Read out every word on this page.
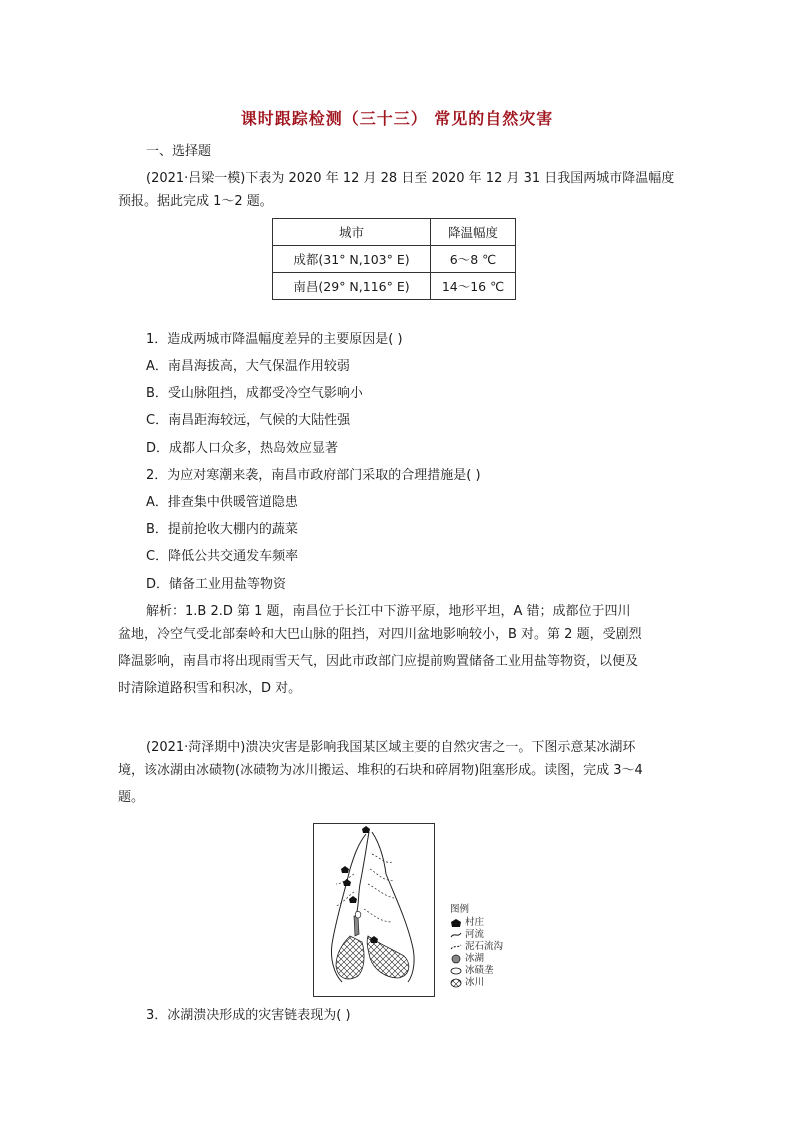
课时跟踪检测（三十三） 常见的自然灾害
一、选择题
(2021·吕梁一模)下表为 2020 年 12 月 28 日至 2020 年 12 月 31 日我国两城市降温幅度
预报。据此完成 1～2 题。
城市	降温幅度
成都(31° N,103° E)	6～8 ℃
南昌(29° N,116° E)	14～16 ℃
1．造成两城市降温幅度差异的主要原因是( )
A．南昌海拔高，大气保温作用较弱
B．受山脉阻挡，成都受冷空气影响小
C．南昌距海较远，气候的大陆性强
D．成都人口众多，热岛效应显著
2．为应对寒潮来袭，南昌市政府部门采取的合理措施是( )
A．排查集中供暖管道隐患
B．提前抢收大棚内的蔬菜
C．降低公共交通发车频率
D．储备工业用盐等物资
解析：1.B 2.D 第 1 题，南昌位于长江中下游平原，地形平坦，A 错；成都位于四川
盆地，冷空气受北部秦岭和大巴山脉的阻挡，对四川盆地影响较小，B 对。第 2 题，受剧烈
降温影响，南昌市将出现雨雪天气，因此市政部门应提前购置储备工业用盐等物资，以便及
时清除道路积雪和积冰，D 对。
(2021·菏泽期中)溃决灾害是影响我国某区域主要的自然灾害之一。下图示意某冰湖环
境，该冰湖由冰碛物(冰碛物为冰川搬运、堆积的石块和碎屑物)阻塞形成。读图，完成 3～4
题。
图例
村庄
河流
泥石流沟
冰湖
冰碛垄
冰川
3．冰湖溃决形成的灾害链表现为( )
